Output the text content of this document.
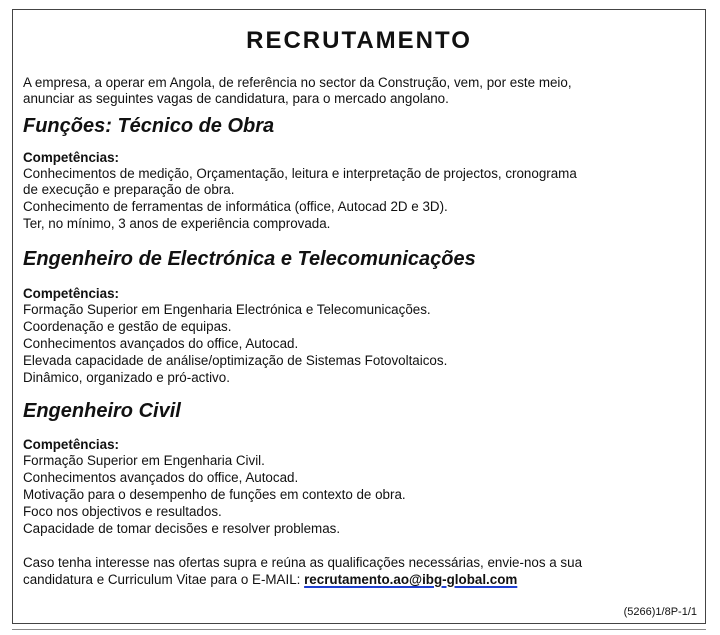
RECRUTAMENTO
A empresa, a operar em Angola, de referência no sector da Construção, vem, por este meio,
anunciar as seguintes vagas de candidatura, para o mercado angolano.
Funções: Técnico de Obra
Competências:
Conhecimentos de medição, Orçamentação, leitura e interpretação de projectos, cronograma
de execução e preparação de obra.
Conhecimento de ferramentas de informática (office, Autocad 2D e 3D).
Ter, no mínimo, 3 anos de experiência comprovada.
Engenheiro de Electrónica e Telecomunicações
Competências:
Formação Superior em Engenharia Electrónica e Telecomunicações.
Coordenação e gestão de equipas.
Conhecimentos avançados do office, Autocad.
Elevada capacidade de análise/optimização de Sistemas Fotovoltaicos.
Dinâmico, organizado e pró-activo.
Engenheiro Civil
Competências:
Formação Superior em Engenharia Civil.
Conhecimentos avançados do office, Autocad.
Motivação para o desempenho de funções em contexto de obra.
Foco nos objectivos e resultados.
Capacidade de tomar decisões e resolver problemas.
Caso tenha interesse nas ofertas supra e reúna as qualificações necessárias, envie-nos a sua
candidatura e Curriculum Vitae para o E-MAIL: recrutamento.ao@ibg-global.com
(5266)1/8P-1/1
